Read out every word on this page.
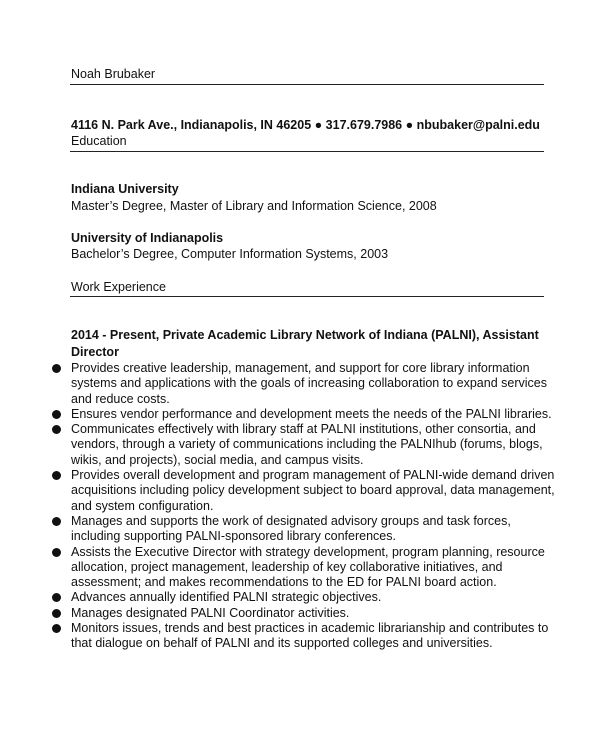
Noah Brubaker
4116 N. Park Ave., Indianapolis, IN 46205 ● 317.679.7986 ● nbubaker@palni.edu
Education
Indiana University
Master’s Degree, Master of Library and Information Science, 2008
University of Indianapolis
Bachelor’s Degree, Computer Information Systems, 2003
Work Experience
2014 - Present, Private Academic Library Network of Indiana (PALNI), Assistant
Director
Provides creative leadership, management, and support for core library information
systems and applications with the goals of increasing collaboration to expand services
and reduce costs.
Ensures vendor performance and development meets the needs of the PALNI libraries.
Communicates effectively with library staff at PALNI institutions, other consortia, and
vendors, through a variety of communications including the PALNIhub (forums, blogs,
wikis, and projects), social media, and campus visits.
Provides overall development and program management of PALNI-wide demand driven
acquisitions including policy development subject to board approval, data management,
and system configuration.
Manages and supports the work of designated advisory groups and task forces,
including supporting PALNI-sponsored library conferences.
Assists the Executive Director with strategy development, program planning, resource
allocation, project management, leadership of key collaborative initiatives, and
assessment; and makes recommendations to the ED for PALNI board action.
Advances annually identified PALNI strategic objectives.
Manages designated PALNI Coordinator activities.
Monitors issues, trends and best practices in academic librarianship and contributes to
that dialogue on behalf of PALNI and its supported colleges and universities.
